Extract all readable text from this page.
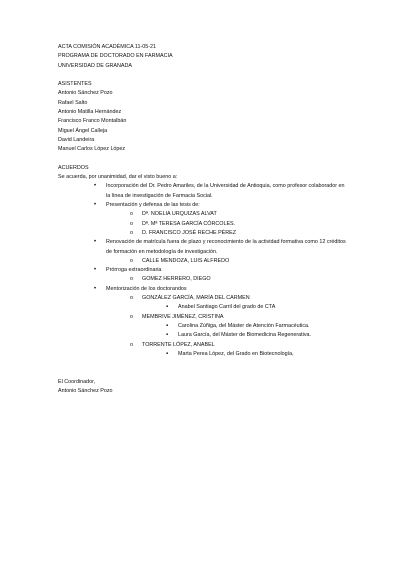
ACTA COMISIÓN ACADÉMICA 11-05-21
PROGRAMA DE DOCTORADO EN FARMACIA
UNIVERSIDAD DE GRANADA
ASISTENTES
Antonio Sánchez Pozo
Rafael Salto
Antonio Matilla Hernández
Francisco Franco Montalbán
Miguel Ángel Calleja
David Landeira
Manuel Carlos López López
ACUERDOS
Se acuerda, por unanimidad, dar el visto bueno a:
• Incorporación del Dr. Pedro Amariles, de la Universidad de Antioquia, como profesor colaborador en la línea de investigación de Farmacia Social.
• Presentación y defensa de las tesis de:
o Dª. NOELIA URQUIZAS ALVAT
o Dª. Mª TERESA GARCÍA CÓRCOLES.
o D. FRANCISCO JOSÉ RECHE PÉREZ
• Renovación de matrícula fuera de plazo y reconocimiento de la actividad formativa como 12 créditos de formación en metodología de investigación.
o CALLE MENDOZA, LUIS ALFREDO
• Prórroga extraordinaria
o GOMEZ HERRERO, DIEGO
• Mentorización de los doctorandos
o GONZÁLEZ GARCÍA, MARÍA DEL CARMEN
▪ Anabel Santiago Carril del grado de CTA
o MEMBRIVE JIMÉNEZ, CRISTINA
▪ Carolina Zúñiga, del Máster de Atención Farmacéutica.
▪ Laura García, del Máster de Biomedicina Regenerativa.
o TORRENTE LÓPEZ, ANABEL
▪ Marta Perea López, del Grado en Biotecnología,
El Coordinador,
Antonio Sánchez Pozo
